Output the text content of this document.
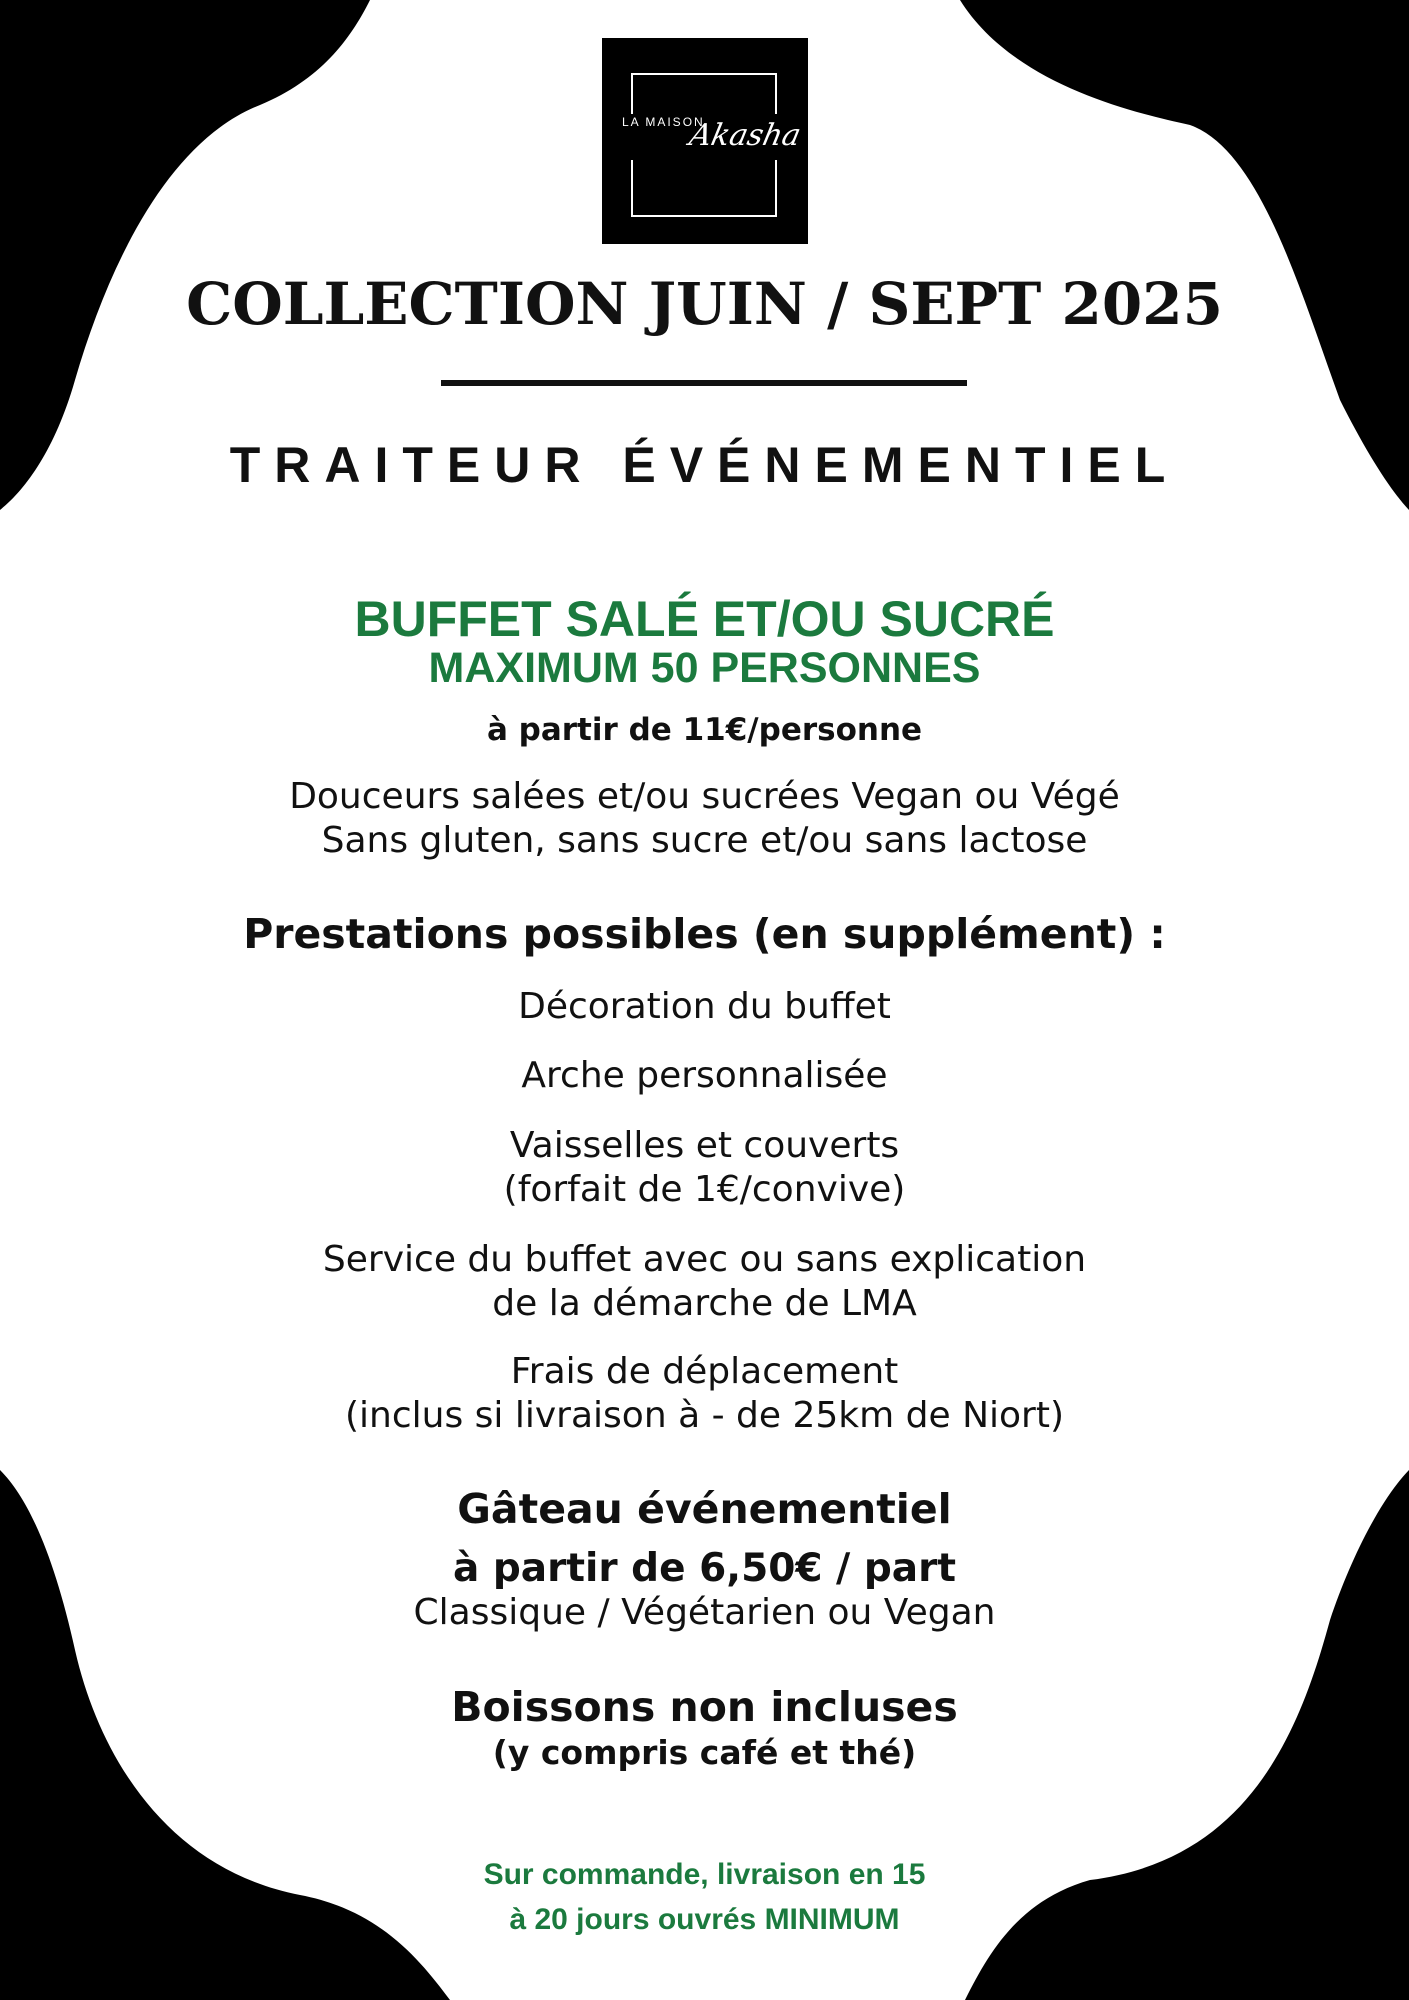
LA MAISON
Akasha
COLLECTION JUIN / SEPT 2025
TRAITEUR ÉVÉNEMENTIEL
BUFFET SALÉ ET/OU SUCRÉ
MAXIMUM 50 PERSONNES
à partir de 11€/personne
Douceurs salées et/ou sucrées Vegan ou Végé
Sans gluten, sans sucre et/ou sans lactose
Prestations possibles (en supplément) :
Décoration du buffet
Arche personnalisée
Vaisselles et couverts
(forfait de 1€/convive)
Service du buffet avec ou sans explication
de la démarche de LMA
Frais de déplacement
(inclus si livraison à - de 25km de Niort)
Gâteau événementiel
à partir de 6,50€ / part
Classique / Végétarien ou Vegan
Boissons non incluses
(y compris café et thé)
Sur commande, livraison en 15
à 20 jours ouvrés MINIMUM
